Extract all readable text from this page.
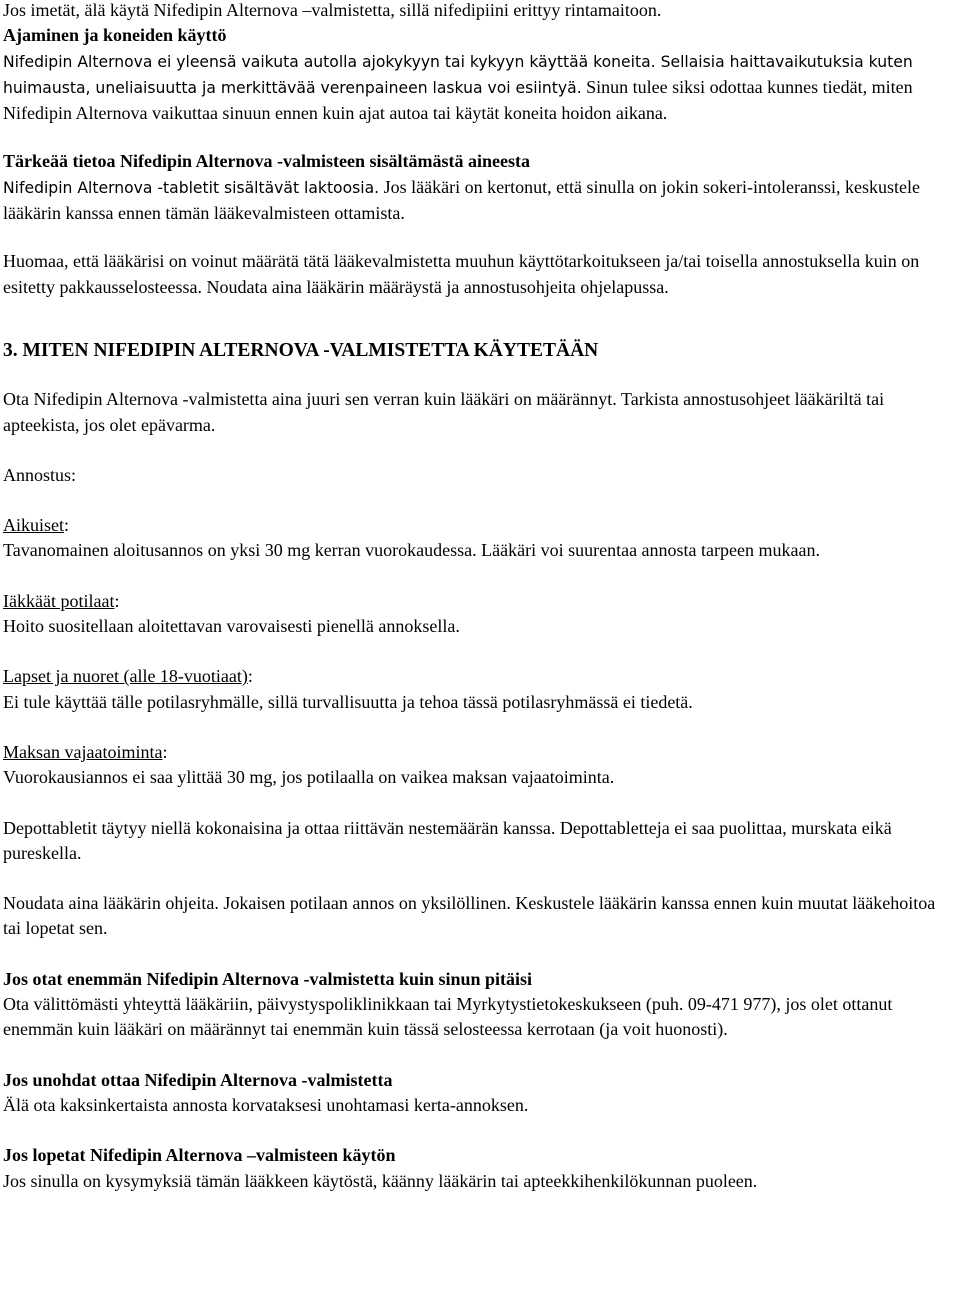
Jos imetät, älä käytä Nifedipin Alternova –valmistetta, sillä nifedipiini erittyy rintamaitoon.

Ajaminen ja koneiden käyttö

Nifedipin Alternova ei yleensä vaikuta autolla ajokykyyn tai kykyyn käyttää koneita. Sellaisia haittavaikutuksia kuten huimausta, uneliaisuutta ja merkittävää verenpaineen laskua voi esiintyä. Sinun tulee siksi odottaa kunnes tiedät, miten Nifedipin Alternova vaikuttaa sinuun ennen kuin ajat autoa tai käytät koneita hoidon aikana.

Tärkeää tietoa Nifedipin Alternova -valmisteen sisältämästä aineesta

Nifedipin Alternova -tabletit sisältävät laktoosia. Jos lääkäri on kertonut, että sinulla on jokin sokeri-intoleranssi, keskustele lääkärin kanssa ennen tämän lääkevalmisteen ottamista.

Huomaa, että lääkärisi on voinut määrätä tätä lääkevalmistetta muuhun käyttötarkoitukseen ja/tai toisella annostuksella kuin on esitetty pakkausselosteessa. Noudata aina lääkärin määräystä ja annostusohjeita ohjelapussa.

3. MITEN NIFEDIPIN ALTERNOVA -VALMISTETTA KÄYTETÄÄN

Ota Nifedipin Alternova -valmistetta aina juuri sen verran kuin lääkäri on määrännyt. Tarkista annostusohjeet lääkäriltä tai apteekista, jos olet epävarma.

Annostus:

Aikuiset:

Tavanomainen aloitusannos on yksi 30 mg kerran vuorokaudessa. Lääkäri voi suurentaa annosta tarpeen mukaan.

Iäkkäät potilaat:

Hoito suositellaan aloitettavan varovaisesti pienellä annoksella.

Lapset ja nuoret (alle 18-vuotiaat):

Ei tule käyttää tälle potilasryhmälle, sillä turvallisuutta ja tehoa tässä potilasryhmässä ei tiedetä.

Maksan vajaatoiminta:

Vuorokausiannos ei saa ylittää 30 mg, jos potilaalla on vaikea maksan vajaatoiminta.

Depottabletit täytyy niellä kokonaisina ja ottaa riittävän nestemäärän kanssa. Depottabletteja ei saa puolittaa, murskata eikä pureskella.

Noudata aina lääkärin ohjeita. Jokaisen potilaan annos on yksilöllinen. Keskustele lääkärin kanssa ennen kuin muutat lääkehoitoa tai lopetat sen.

Jos otat enemmän Nifedipin Alternova -valmistetta kuin sinun pitäisi

Ota välittömästi yhteyttä lääkäriin, päivystyspoliklinikkaan tai Myrkytystietokeskukseen (puh. 09-471 977), jos olet ottanut enemmän kuin lääkäri on määrännyt tai enemmän kuin tässä selosteessa kerrotaan (ja voit huonosti).

Jos unohdat ottaa Nifedipin Alternova -valmistetta

Älä ota kaksinkertaista annosta korvataksesi unohtamasi kerta-annoksen.

Jos lopetat Nifedipin Alternova –valmisteen käytön

Jos sinulla on kysymyksiä tämän lääkkeen käytöstä, käänny lääkärin tai apteekkihenkilökunnan puoleen.
